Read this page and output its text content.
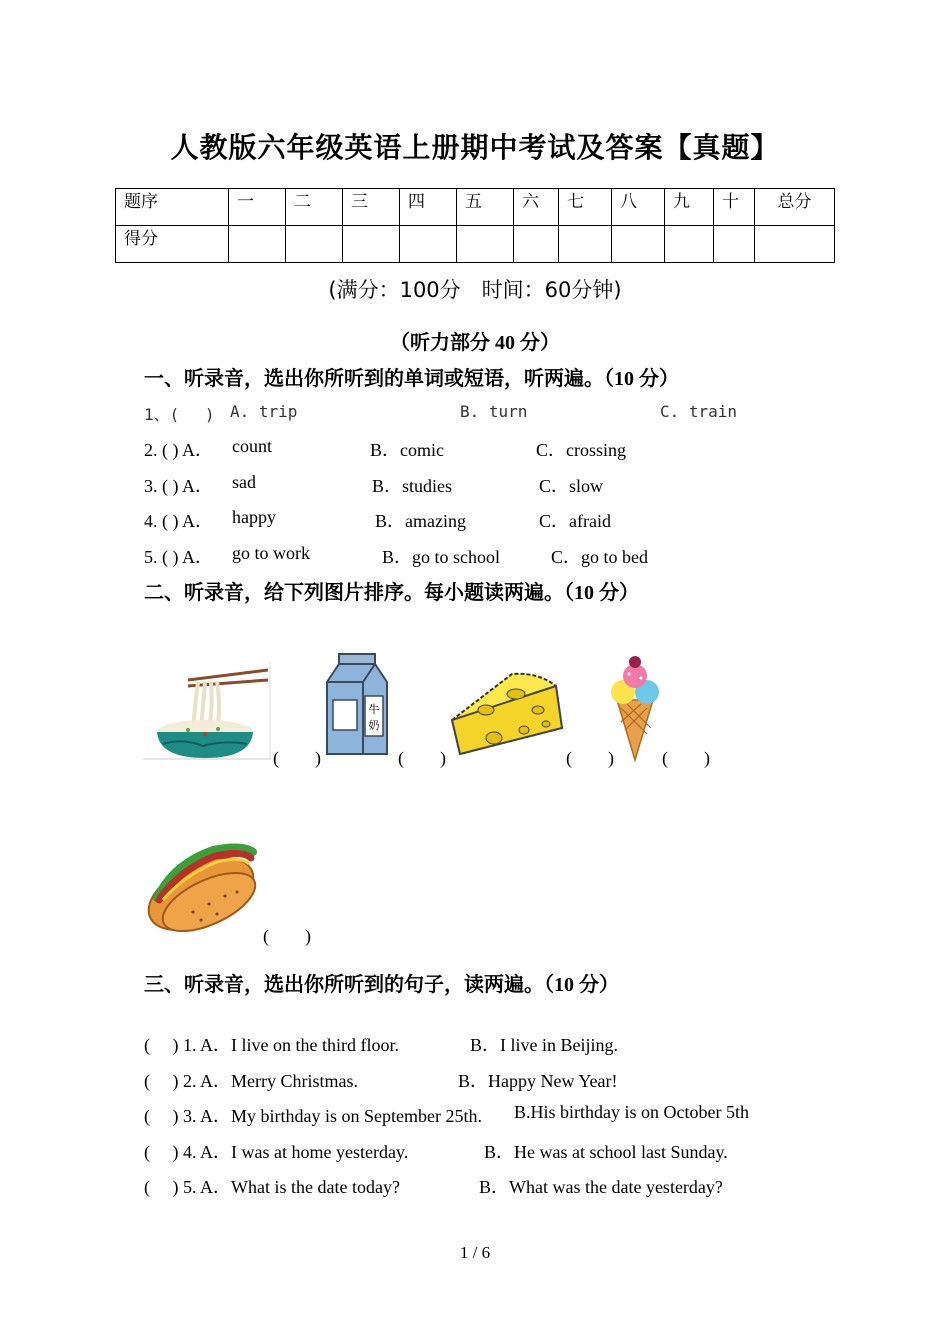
人教版六年级英语上册期中考试及答案【真题】
题序	一	二	三	四	五	六	七	八	九	十	总分
得分											
(满分：100分　时间：60分钟)
（听力部分 40 分）
一、听录音，选出你所听到的单词或短语，听两遍。（10 分）
1、(　 ) A. trip	B. turn	C. train
2. ( ) A． count	B．comic	C．crossing
3. ( ) A． sad	B．studies	C．slow
4. ( ) A． happy	B．amazing	C．afraid
5. ( ) A． go to work	B．go to school	C．go to bed
二、听录音，给下列图片排序。每小题读两遍。（10 分）
(　　)
牛
奶
(　　)	(　　)	(　　)
(　　)
三、听录音，选出你所听到的句子，读两遍。（10 分）
(　 ) 1. A．I live on the third floor.	B．I live in Beijing.
(　 ) 2. A．Merry Christmas.	B．Happy New Year!
(　 ) 3. A．My birthday is on September 25th. B.His birthday is on October 5th
(　 ) 4. A．I was at home yesterday.	B．He was at school last Sunday.
(　 ) 5. A．What is the date today?	B．What was the date yesterday?
1 / 6
